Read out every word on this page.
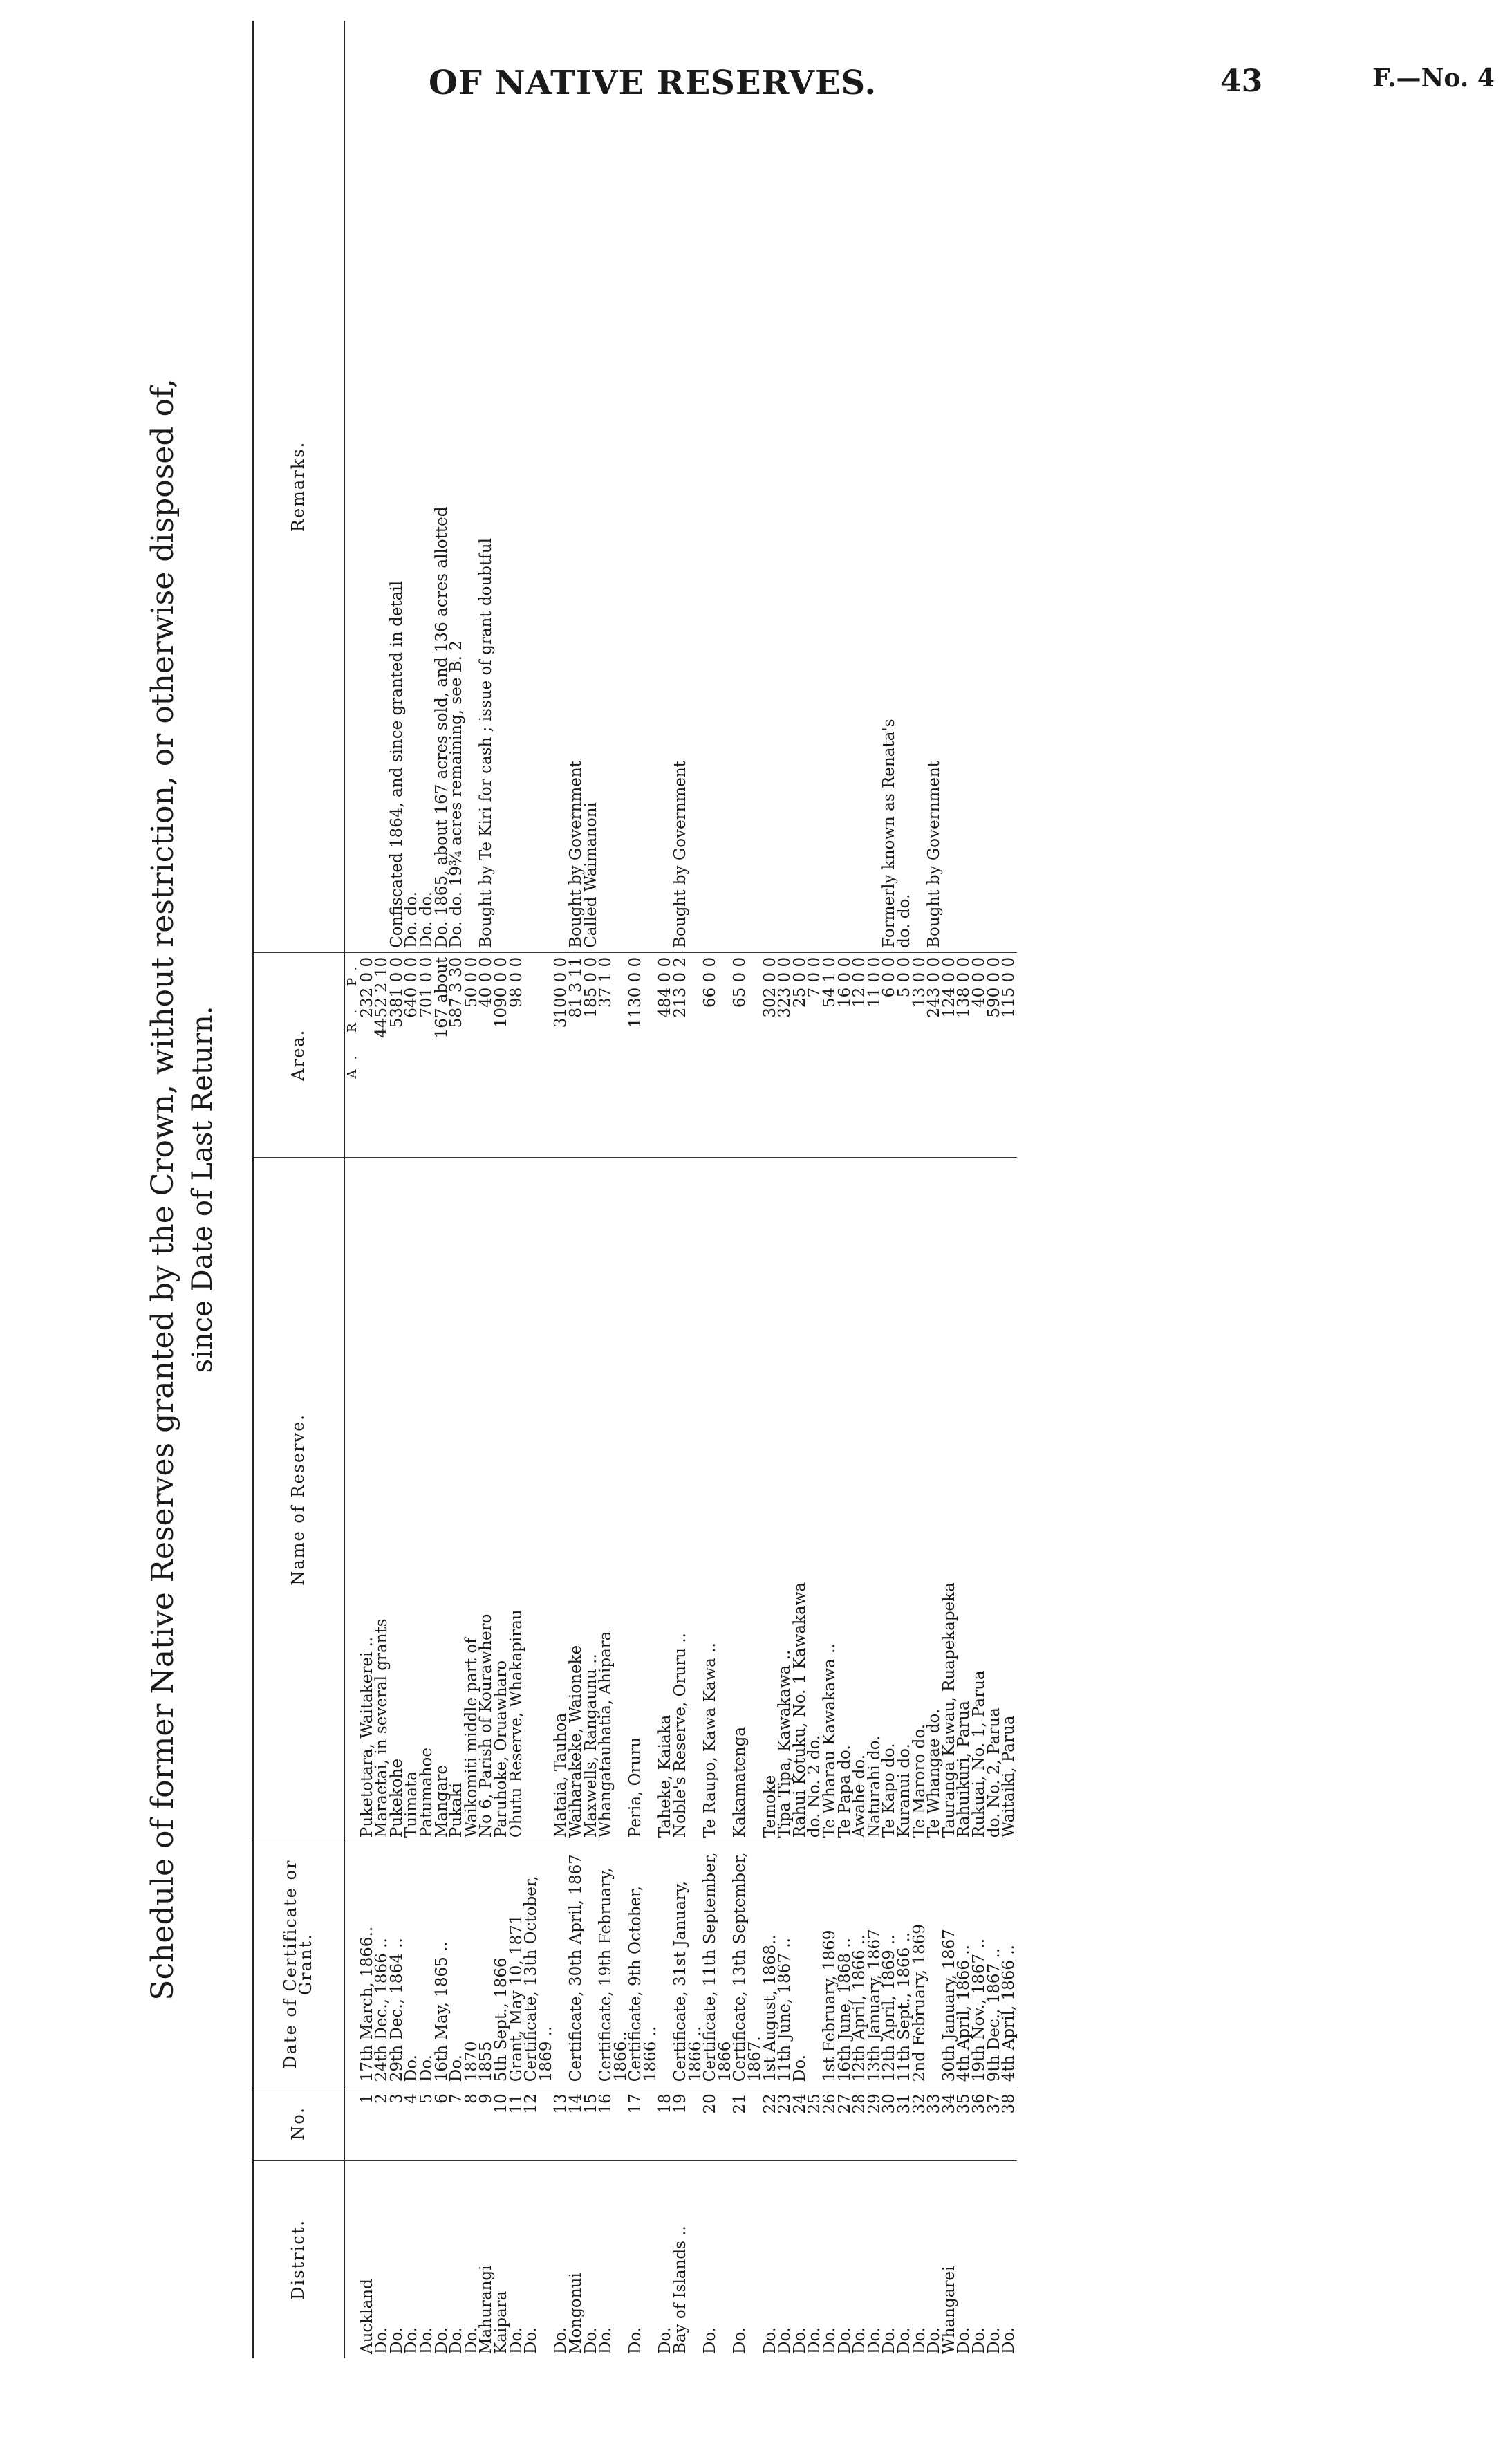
OF NATIVE RESERVES.	43	F.—No. 4
Schedule of former Native Reserves granted by the Crown, without restriction, or otherwise disposed of, since Date of Last Return.
District.	No.	Date of Certificate or Grant.	Name of Reserve.	Area.	Remarks.
				A. R. P.	
Auckland	1	17th March, 1866..	Puketotara, Waitakerei ..	232 0 0	
Do.	2	24th Dec., 1866 ..	Maraetai, in several grants	4452 2 10	
Do.	3	29th Dec., 1864 ..	Pukekohe	5381 0 0	Confiscated 1864, and since granted in detail
Do.	4	Do.	Tuimata	640 0 0	Do. do.
Do.	5	Do.	Patumahoe	701 0 0	Do. do.
Do.	6	16th May, 1865 ..	Mangare	167 about	Do. 1865, about 167 acres sold, and 136 acres allotted
Do.	7	Do.	Pukaki	587 3 30	Do. do. 19¾ acres remaining, see B. 2
Do.	8	1870	Waikomiti middle part of	50 0 0	
Mahurangi	9	1855	No 6, Parish of Kourawhero	40 0 0	Bought by Te Kiri for cash ; issue of grant doubtful
Kaipara	10	5th Sept., 1866	Paruhoke, Oruawharo	1090 0 0	
Do.	11	Grant, May 10, 1871	Ohutu Reserve, Whakapirau	98 0 0	
Do.	12	Certificate, 13th October, 1869 ..			
Do.	13		Mataia, Tauhoa	3100 0 0	
Mongonui	14	Certificate, 30th April, 1867	Waiharakeke, Waioneke	81 3 11	Bought by Government
Do.	15		Maxwells, Rangaunu ..	185 0 0	Called Waimanoni
Do.	16	Certificate, 19th February, 1866..	Whangatauhatia, Ahipara	37 1 0	
Do.	17	Certificate, 9th October, 1866 ..	Peria, Oruru	1130 0 0	
Do.	18		Taheke, Kaiaka	484 0 0	
Bay of Islands ..	19	Certificate, 31st January, 1866 ..	Noble's Reserve, Oruru ..	213 0 2	Bought by Government
Do.	20	Certificate, 11th September, 1866	Te Raupo, Kawa Kawa ..	66 0 0	
Do.	21	Certificate, 13th September, 1867.	Kakamatenga	65 0 0	
Do.	22	1st August, 1868..	Temoke	302 0 0	
Do.	23	11th June, 1867 ..	Tipa Tipa, Kawakawa ..	323 0 0	
Do.	24	Do.	Rahui Kotuku, No. 1 Kawakawa	25 0 0	
Do.	25		do. No. 2 do.	7 0 0	
Do.	26	1st February, 1869	Te Wharau Kawakawa ..	54 1 0	
Do.	27	16th June, 1868 ..	Te Papa do.	16 0 0	
Do.	28	12th April, 1866 ..	Awahe do.	12 0 0	
Do.	29	13th January, 1867	Naturahi do.	11 0 0	
Do.	30	12th April, 1869 ..	Te Kapo do.	6 0 0	Formerly known as Renata's
Do.	31	11th Sept., 1866 ..	Kuranui do.	5 0 0	do. do.
Do.	32	2nd February, 1869	Te Maroro do.	13 0 0	
Do.	33		Te Whangae do.	243 0 0	Bought by Government
Whangarei	34	30th January, 1867	Tauranga Kawau, Ruapekapeka	124 0 0	
Do.	35	4th April, 1866 ..	Rahuikuri, Parua	138 0 0	
Do.	36	19th Nov., 1867 ..	Rukuai, No. 1, Parua	40 0 0	
Do.	37	9th Dec., 1867 ..	do. No. 2, Parua	590 0 0	
Do.	38	4th April, 1866 ..	Waitaiki, Parua	115 0 0	
